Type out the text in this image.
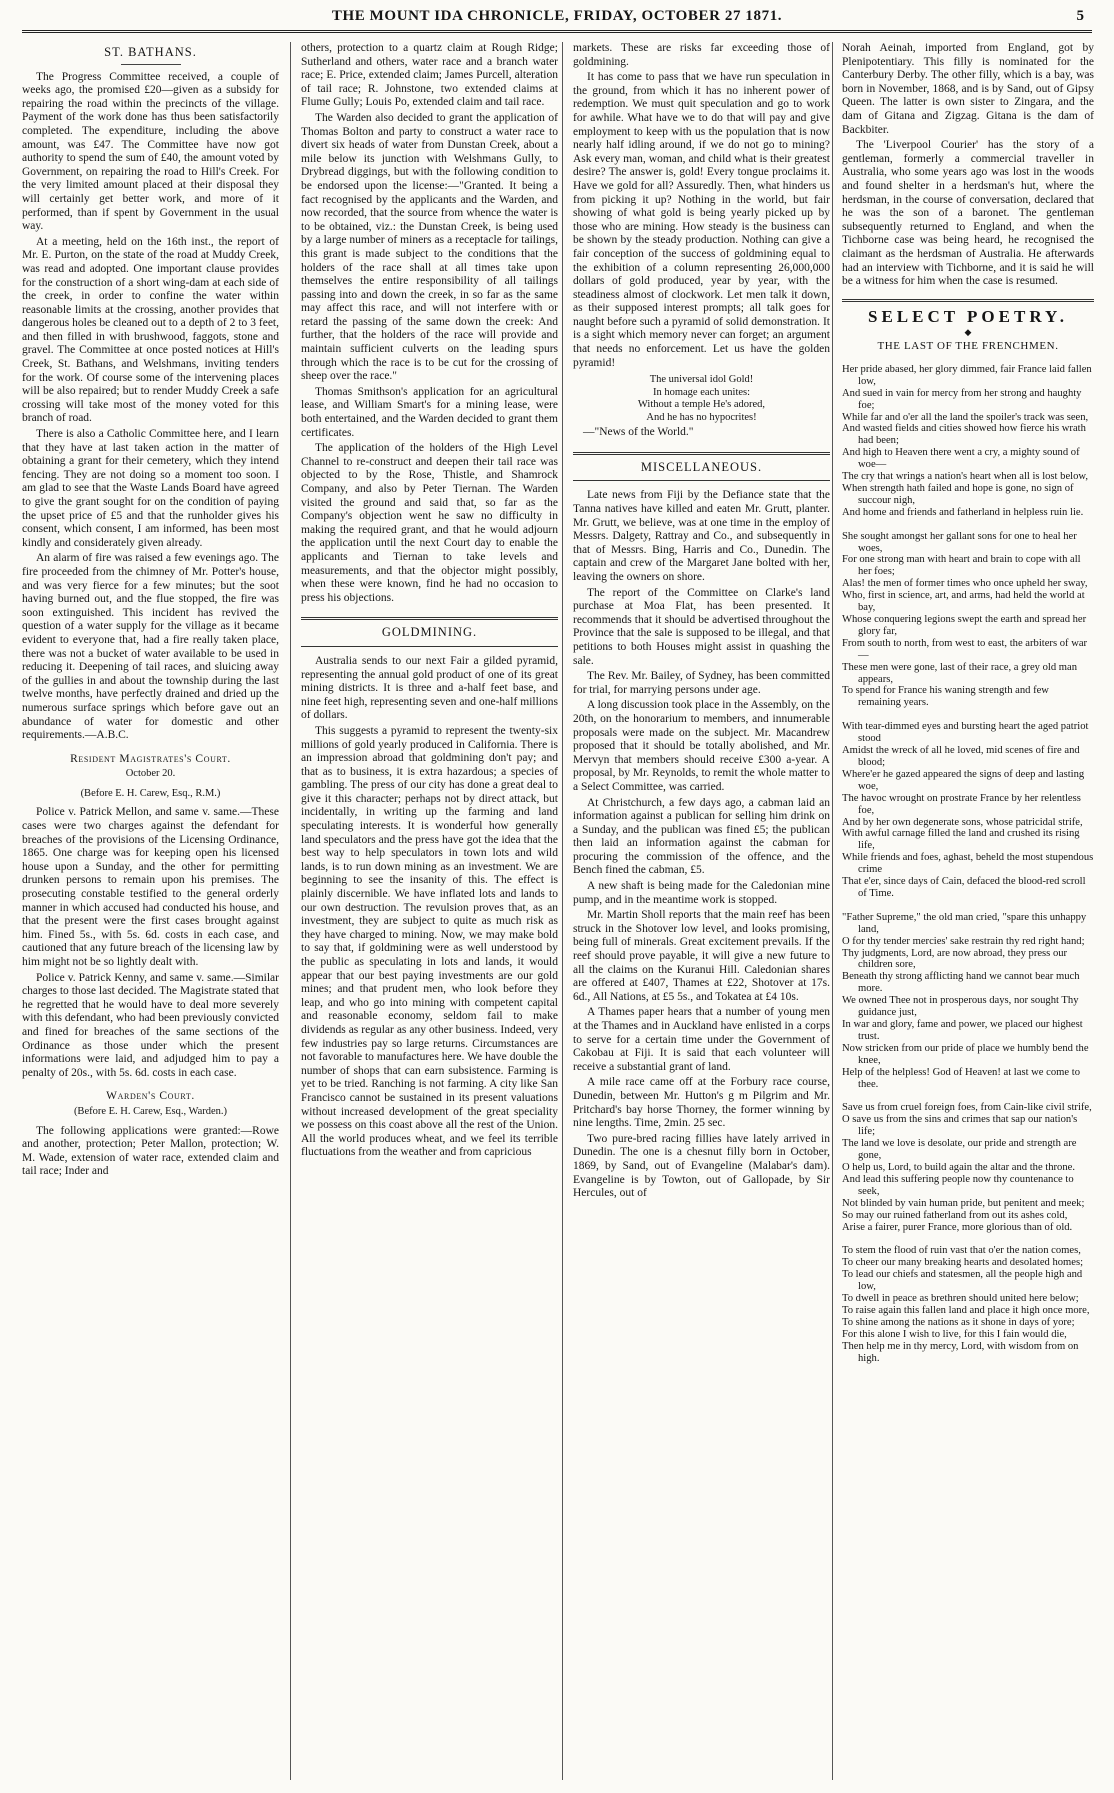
THE MOUNT IDA CHRONICLE, FRIDAY, OCTOBER 27 1871.	5
ST. BATHANS.

The Progress Committee received, a couple of weeks ago, the promised £20—given as a subsidy for repairing the road within the precincts of the village. Payment of the work done has thus been satisfactorily completed. The expenditure, including the above amount, was £47. The Committee have now got authority to spend the sum of £40, the amount voted by Government, on repairing the road to Hill's Creek. For the very limited amount placed at their disposal they will certainly get better work, and more of it performed, than if spent by Government in the usual way.

At a meeting, held on the 16th inst., the report of Mr. E. Purton, on the state of the road at Muddy Creek, was read and adopted. One important clause provides for the construction of a short wing-dam at each side of the creek, in order to confine the water within reasonable limits at the crossing, another provides that dangerous holes be cleaned out to a depth of 2 to 3 feet, and then filled in with brushwood, faggots, stone and gravel. The Committee at once posted notices at Hill's Creek, St. Bathans, and Welshmans, inviting tenders for the work. Of course some of the intervening places will be also repaired; but to render Muddy Creek a safe crossing will take most of the money voted for this branch of road.

There is also a Catholic Committee here, and I learn that they have at last taken action in the matter of obtaining a grant for their cemetery, which they intend fencing. They are not doing so a moment too soon. I am glad to see that the Waste Lands Board have agreed to give the grant sought for on the condition of paying the upset price of £5 and that the runholder gives his consent, which consent, I am informed, has been most kindly and considerately given already.

An alarm of fire was raised a few evenings ago. The fire proceeded from the chimney of Mr. Potter's house, and was very fierce for a few minutes; but the soot having burned out, and the flue stopped, the fire was soon extinguished. This incident has revived the question of a water supply for the village as it became evident to everyone that, had a fire really taken place, there was not a bucket of water available to be used in reducing it. Deepening of tail races, and sluicing away of the gullies in and about the township during the last twelve months, have perfectly drained and dried up the numerous surface springs which before gave out an abundance of water for domestic and other requirements.—A.B.C.

Resident Magistrates's Court.
October 20.
(Before E. H. Carew, Esq., R.M.)

Police v. Patrick Mellon, and same v. same.—These cases were two charges against the defendant for breaches of the provisions of the Licensing Ordinance, 1865. One charge was for keeping open his licensed house upon a Sunday, and the other for permitting drunken persons to remain upon his premises. The prosecuting constable testified to the general orderly manner in which accused had conducted his house, and that the present were the first cases brought against him. Fined 5s., with 5s. 6d. costs in each case, and cautioned that any future breach of the licensing law by him might not be so lightly dealt with.

Police v. Patrick Kenny, and same v. same.—Similar charges to those last decided. The Magistrate stated that he regretted that he would have to deal more severely with this defendant, who had been previously convicted and fined for breaches of the same sections of the Ordinance as those under which the present informations were laid, and adjudged him to pay a penalty of 20s., with 5s. 6d. costs in each case.

Warden's Court.
(Before E. H. Carew, Esq., Warden.)

The following applications were granted:—Rowe and another, protection; Peter Mallon, protection; W. M. Wade, extension of water race, extended claim and tail race; Inder and

others, protection to a quartz claim at Rough Ridge; Sutherland and others, water race and a branch water race; E. Price, extended claim; James Purcell, alteration of tail race; R. Johnstone, two extended claims at Flume Gully; Louis Po, extended claim and tail race.

The Warden also decided to grant the application of Thomas Bolton and party to construct a water race to divert six heads of water from Dunstan Creek, about a mile below its junction with Welshmans Gully, to Drybread diggings, but with the following condition to be endorsed upon the license:—"Granted. It being a fact recognised by the applicants and the Warden, and now recorded, that the source from whence the water is to be obtained, viz.: the Dunstan Creek, is being used by a large number of miners as a receptacle for tailings, this grant is made subject to the conditions that the holders of the race shall at all times take upon themselves the entire responsibility of all tailings passing into and down the creek, in so far as the same may affect this race, and will not interfere with or retard the passing of the same down the creek: And further, that the holders of the race will provide and maintain sufficient culverts on the leading spurs through which the race is to be cut for the crossing of sheep over the race."

Thomas Smithson's application for an agricultural lease, and William Smart's for a mining lease, were both entertained, and the Warden decided to grant them certificates.

The application of the holders of the High Level Channel to re-construct and deepen their tail race was objected to by the Rose, Thistle, and Shamrock Company, and also by Peter Tiernan. The Warden visited the ground and said that, so far as the Company's objection went he saw no difficulty in making the required grant, and that he would adjourn the application until the next Court day to enable the applicants and Tiernan to take levels and measurements, and that the objector might possibly, when these were known, find he had no occasion to press his objections.

GOLDMINING.

Australia sends to our next Fair a gilded pyramid, representing the annual gold product of one of its great mining districts. It is three and a-half feet base, and nine feet high, representing seven and one-half millions of dollars.

This suggests a pyramid to represent the twenty-six millions of gold yearly produced in California. There is an impression abroad that goldmining don't pay; and that as to business, it is extra hazardous; a species of gambling. The press of our city has done a great deal to give it this character; perhaps not by direct attack, but incidentally, in writing up the farming and land speculating interests. It is wonderful how generally land speculators and the press have got the idea that the best way to help speculators in town lots and wild lands, is to run down mining as an investment. We are beginning to see the insanity of this. The effect is plainly discernible. We have inflated lots and lands to our own destruction. The revulsion proves that, as an investment, they are subject to quite as much risk as they have charged to mining. Now, we may make bold to say that, if goldmining were as well understood by the public as speculating in lots and lands, it would appear that our best paying investments are our gold mines; and that prudent men, who look before they leap, and who go into mining with competent capital and reasonable economy, seldom fail to make dividends as regular as any other business. Indeed, very few industries pay so large returns. Circumstances are not favorable to manufactures here. We have double the number of shops that can earn subsistence. Farming is yet to be tried. Ranching is not farming. A city like San Francisco cannot be sustained in its present valuations without increased development of the great speciality we possess on this coast above all the rest of the Union. All the world produces wheat, and we feel its terrible fluctuations from the weather and from capricious

markets. These are risks far exceeding those of goldmining.

It has come to pass that we have run speculation in the ground, from which it has no inherent power of redemption. We must quit speculation and go to work for awhile. What have we to do that will pay and give employment to keep with us the population that is now nearly half idling around, if we do not go to mining? Ask every man, woman, and child what is their greatest desire? The answer is, gold! Every tongue proclaims it. Have we gold for all? Assuredly. Then, what hinders us from picking it up? Nothing in the world, but fair showing of what gold is being yearly picked up by those who are mining. How steady is the business can be shown by the steady production. Nothing can give a fair conception of the success of goldmining equal to the exhibition of a column representing 26,000,000 dollars of gold produced, year by year, with the steadiness almost of clockwork. Let men talk it down, as their supposed interest prompts; all talk goes for naught before such a pyramid of solid demonstration. It is a sight which memory never can forget; an argument that needs no enforcement. Let us have the golden pyramid!

The universal idol Gold!
In homage each unites:
Without a temple He's adored,
And he has no hypocrites!
—"News of the World."
MISCELLANEOUS.

Late news from Fiji by the Defiance state that the Tanna natives have killed and eaten Mr. Grutt, planter. Mr. Grutt, we believe, was at one time in the employ of Messrs. Dalgety, Rattray and Co., and subsequently in that of Messrs. Bing, Harris and Co., Dunedin. The captain and crew of the Margaret Jane bolted with her, leaving the owners on shore.

The report of the Committee on Clarke's land purchase at Moa Flat, has been presented. It recommends that it should be advertised throughout the Province that the sale is supposed to be illegal, and that petitions to both Houses might assist in quashing the sale.

The Rev. Mr. Bailey, of Sydney, has been committed for trial, for marrying persons under age.

A long discussion took place in the Assembly, on the 20th, on the honorarium to members, and innumerable proposals were made on the subject. Mr. Macandrew proposed that it should be totally abolished, and Mr. Mervyn that members should receive £300 a-year. A proposal, by Mr. Reynolds, to remit the whole matter to a Select Committee, was carried.

At Christchurch, a few days ago, a cabman laid an information against a publican for selling him drink on a Sunday, and the publican was fined £5; the publican then laid an information against the cabman for procuring the commission of the offence, and the Bench fined the cabman, £5.

A new shaft is being made for the Caledonian mine pump, and in the meantime work is stopped.

Mr. Martin Sholl reports that the main reef has been struck in the Shotover low level, and looks promising, being full of minerals. Great excitement prevails. If the reef should prove payable, it will give a new future to all the claims on the Kuranui Hill. Caledonian shares are offered at £407, Thames at £22, Shotover at 17s. 6d., All Nations, at £5 5s., and Tokatea at £4 10s.

A Thames paper hears that a number of young men at the Thames and in Auckland have enlisted in a corps to serve for a certain time under the Government of Cakobau at Fiji. It is said that each volunteer will receive a substantial grant of land.

A mile race came off at the Forbury race course, Dunedin, between Mr. Hutton's g m Pilgrim and Mr. Pritchard's bay horse Thorney, the former winning by nine lengths. Time, 2min. 25 sec.

Two pure-bred racing fillies have lately arrived in Dunedin. The one is a chesnut filly born in October, 1869, by Sand, out of Evangeline (Malabar's dam). Evangeline is by Towton, out of Gallopade, by Sir Hercules, out of

Norah Aeinah, imported from England, got by Plenipotentiary. This filly is nominated for the Canterbury Derby. The other filly, which is a bay, was born in November, 1868, and is by Sand, out of Gipsy Queen. The latter is own sister to Zingara, and the dam of Gitana and Zigzag. Gitana is the dam of Backbiter.

The 'Liverpool Courier' has the story of a gentleman, formerly a commercial traveller in Australia, who some years ago was lost in the woods and found shelter in a herdsman's hut, where the herdsman, in the course of conversation, declared that he was the son of a baronet. The gentleman subsequently returned to England, and when the Tichborne case was being heard, he recognised the claimant as the herdsman of Australia. He afterwards had an interview with Tichborne, and it is said he will be a witness for him when the case is resumed.

SELECT POETRY.
◆
THE LAST OF THE FRENCHMEN.
Her pride abased, her glory dimmed, fair France laid fallen low,
And sued in vain for mercy from her strong and haughty foe;
While far and o'er all the land the spoiler's track was seen,
And wasted fields and cities showed how fierce his wrath had been;
And high to Heaven there went a cry, a mighty sound of woe—
The cry that wrings a nation's heart when all is lost below,
When strength hath failed and hope is gone, no sign of succour nigh,
And home and friends and fatherland in helpless ruin lie.
She sought amongst her gallant sons for one to heal her woes,
For one strong man with heart and brain to cope with all her foes;
Alas! the men of former times who once upheld her sway,
Who, first in science, art, and arms, had held the world at bay,
Whose conquering legions swept the earth and spread her glory far,
From south to north, from west to east, the arbiters of war—
These men were gone, last of their race, a grey old man appears,
To spend for France his waning strength and few remaining years.
With tear-dimmed eyes and bursting heart the aged patriot stood
Amidst the wreck of all he loved, mid scenes of fire and blood;
Where'er he gazed appeared the signs of deep and lasting woe,
The havoc wrought on prostrate France by her relentless foe,
And by her own degenerate sons, whose patricidal strife,
With awful carnage filled the land and crushed its rising life,
While friends and foes, aghast, beheld the most stupendous crime
That e'er, since days of Cain, defaced the blood-red scroll of Time.
"Father Supreme," the old man cried, "spare this unhappy land,
O for thy tender mercies' sake restrain thy red right hand;
Thy judgments, Lord, are now abroad, they press our children sore,
Beneath thy strong afflicting hand we cannot bear much more.
We owned Thee not in prosperous days, nor sought Thy guidance just,
In war and glory, fame and power, we placed our highest trust.
Now stricken from our pride of place we humbly bend the knee,
Help of the helpless! God of Heaven! at last we come to thee.
Save us from cruel foreign foes, from Cain-like civil strife,
O save us from the sins and crimes that sap our nation's life;
The land we love is desolate, our pride and strength are gone,
O help us, Lord, to build again the altar and the throne.
And lead this suffering people now thy countenance to seek,
Not blinded by vain human pride, but penitent and meek;
So may our ruined fatherland from out its ashes cold,
Arise a fairer, purer France, more glorious than of old.
To stem the flood of ruin vast that o'er the nation comes,
To cheer our many breaking hearts and desolated homes;
To lead our chiefs and statesmen, all the people high and low,
To dwell in peace as brethren should united here below;
To raise again this fallen land and place it high once more,
To shine among the nations as it shone in days of yore;
For this alone I wish to live, for this I fain would die,
Then help me in thy mercy, Lord, with wisdom from on high.
